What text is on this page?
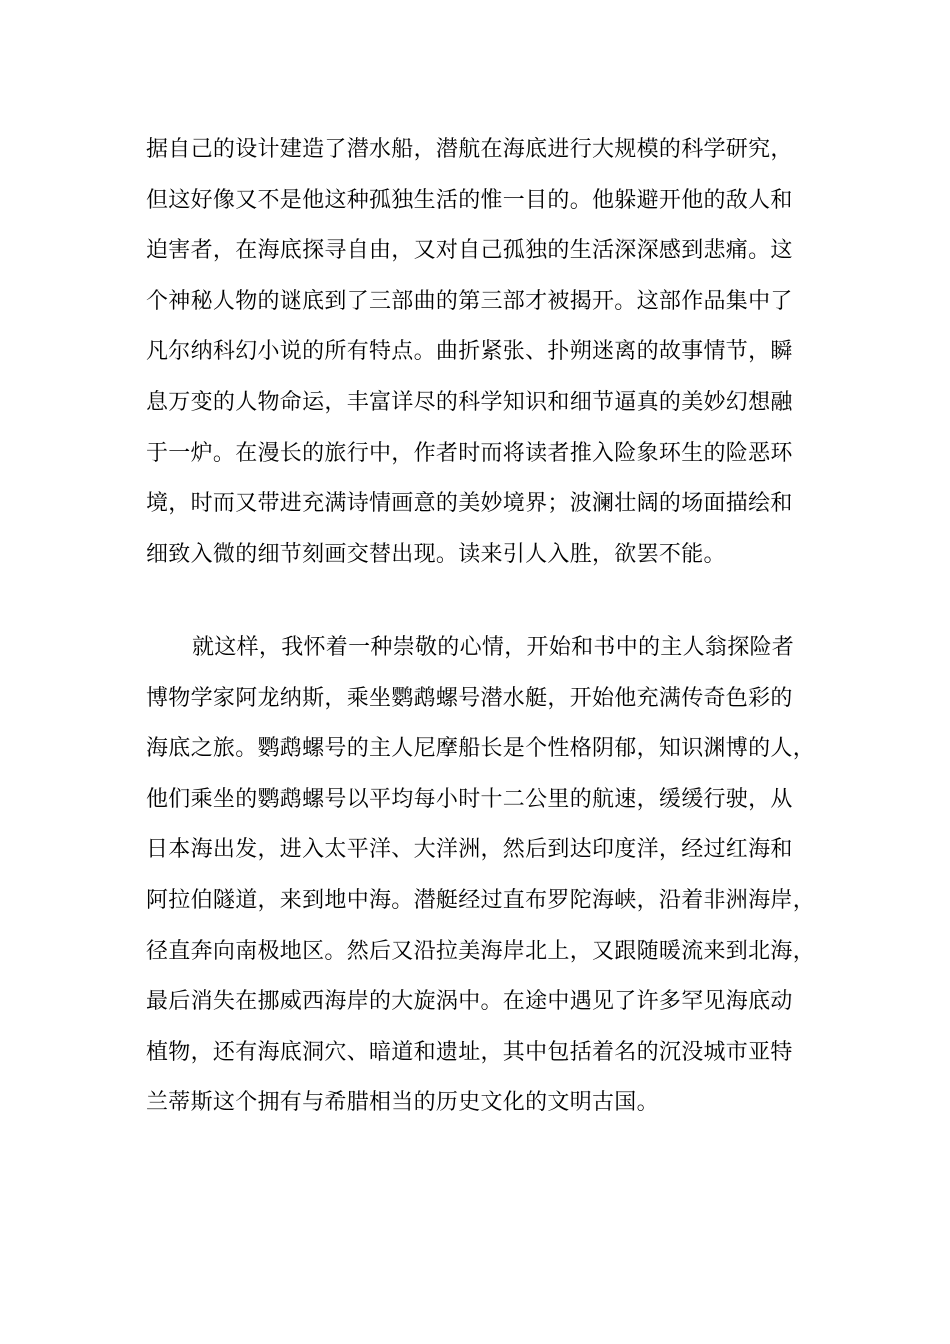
据自己的设计建造了潜水船，潜航在海底进行大规模的科学研究，
但这好像又不是他这种孤独生活的惟一目的。他躲避开他的敌人和
迫害者，在海底探寻自由，又对自己孤独的生活深深感到悲痛。这
个神秘人物的谜底到了三部曲的第三部才被揭开。这部作品集中了
凡尔纳科幻小说的所有特点。曲折紧张、扑朔迷离的故事情节，瞬
息万变的人物命运，丰富详尽的科学知识和细节逼真的美妙幻想融
于一炉。在漫长的旅行中，作者时而将读者推入险象环生的险恶环
境，时而又带进充满诗情画意的美妙境界；波澜壮阔的场面描绘和
细致入微的细节刻画交替出现。读来引人入胜，欲罢不能。
就这样，我怀着一种崇敬的心情，开始和书中的主人翁探险者
博物学家阿龙纳斯，乘坐鹦鹉螺号潜水艇，开始他充满传奇色彩的
海底之旅。鹦鹉螺号的主人尼摩船长是个性格阴郁，知识渊博的人，
他们乘坐的鹦鹉螺号以平均每小时十二公里的航速，缓缓行驶，从
日本海出发，进入太平洋、大洋洲，然后到达印度洋，经过红海和
阿拉伯隧道，来到地中海。潜艇经过直布罗陀海峡，沿着非洲海岸，
径直奔向南极地区。然后又沿拉美海岸北上，又跟随暖流来到北海，
最后消失在挪威西海岸的大旋涡中。在途中遇见了许多罕见海底动
植物，还有海底洞穴、暗道和遗址，其中包括着名的沉没城市亚特
兰蒂斯这个拥有与希腊相当的历史文化的文明古国。
